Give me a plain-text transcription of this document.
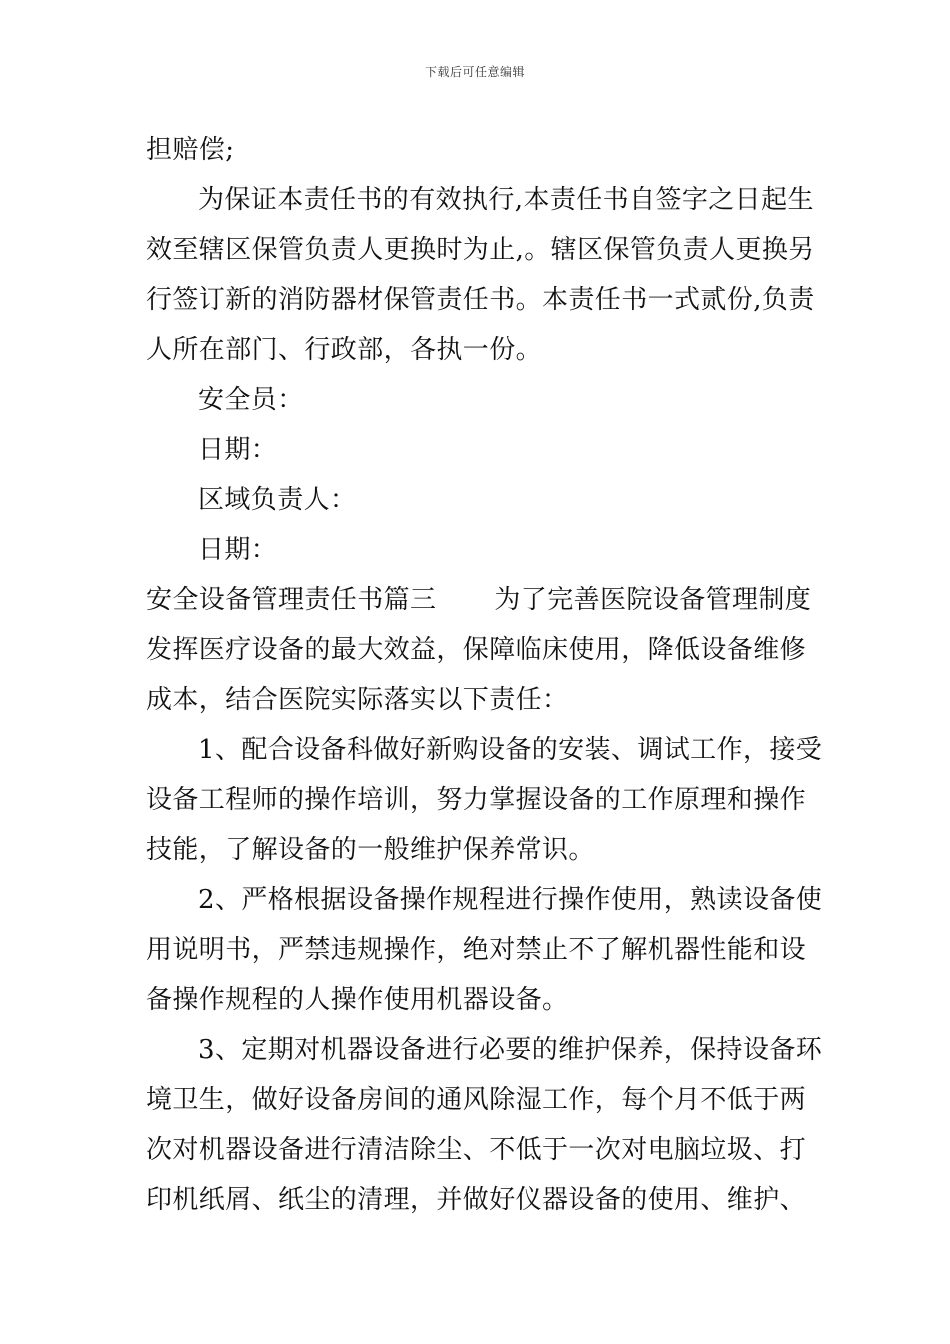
下载后可任意编辑
担赔偿;
为保证本责任书的有效执行,本责任书自签字之日起生
效至辖区保管负责人更换时为止,。辖区保管负责人更换另
行签订新的消防器材保管责任书。本责任书一式贰份,负责
人所在部门、行政部，各执一份。
安全员：
日期：
区域负责人：
日期：
安全设备管理责任书篇三 为了完善医院设备管理制度
发挥医疗设备的最大效益，保障临床使用，降低设备维修
成本，结合医院实际落实以下责任：
1、配合设备科做好新购设备的安装、调试工作，接受
设备工程师的操作培训，努力掌握设备的工作原理和操作
技能，了解设备的一般维护保养常识。
2、严格根据设备操作规程进行操作使用，熟读设备使
用说明书，严禁违规操作，绝对禁止不了解机器性能和设
备操作规程的人操作使用机器设备。
3、定期对机器设备进行必要的维护保养，保持设备环
境卫生，做好设备房间的通风除湿工作，每个月不低于两
次对机器设备进行清洁除尘、不低于一次对电脑垃圾、打
印机纸屑、纸尘的清理，并做好仪器设备的使用、维护、
